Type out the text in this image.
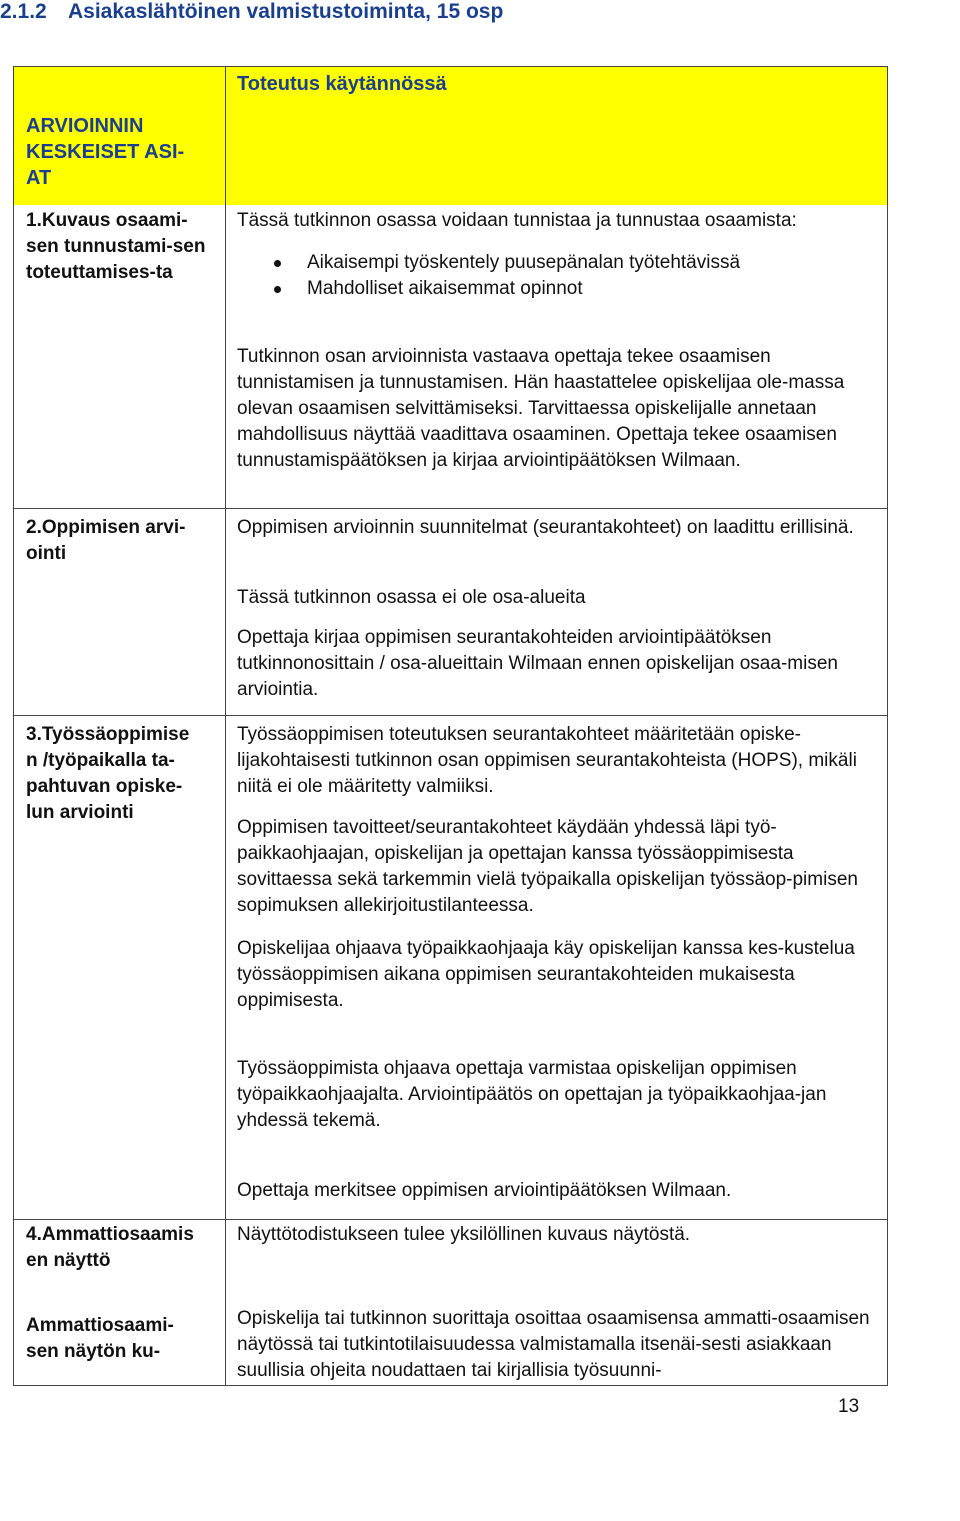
2.1.2 Asiakaslähtöinen valmistustoiminta, 15 osp
ARVIOINNIN KESKEISET ASI-AT
Toteutus käytännössä
1.Kuvaus osaami-sen tunnustami-sen toteuttamises-ta
Tässä tutkinnon osassa voidaan tunnistaa ja tunnustaa osaamista:
Aikaisempi työskentely puusepänalan työtehtävissä
Mahdolliset aikaisemmat opinnot
Tutkinnon osan arvioinnista vastaava opettaja tekee osaamisen tunnistamisen ja tunnustamisen. Hän haastattelee opiskelijaa ole-massa olevan osaamisen selvittämiseksi. Tarvittaessa opiskelijalle annetaan mahdollisuus näyttää vaadittava osaaminen. Opettaja tekee osaamisen tunnustamispäätöksen ja kirjaa arviointipäätöksen Wilmaan.
2.Oppimisen arvi-ointi
Oppimisen arvioinnin suunnitelmat (seurantakohteet) on laadittu erillisinä.
Tässä tutkinnon osassa ei ole osa-alueita
Opettaja kirjaa oppimisen seurantakohteiden arviointipäätöksen tutkinnonosittain / osa-alueittain Wilmaan ennen opiskelijan osaa-misen arviointia.
3.Työssäoppimise n /työpaikalla ta-pahtuvan opiske-lun arviointi
Työssäoppimisen toteutuksen seurantakohteet määritetään opiske-lijakohtaisesti tutkinnon osan oppimisen seurantakohteista (HOPS), mikäli niitä ei ole määritetty valmiiksi.
Oppimisen tavoitteet/seurantakohteet käydään yhdessä läpi työ-paikkaohjaajan, opiskelijan ja opettajan kanssa työssäoppimisesta sovittaessa sekä tarkemmin vielä työpaikalla opiskelijan työssäop-pimisen sopimuksen allekirjoitustilanteessa.
Opiskelijaa ohjaava työpaikkaohjaaja käy opiskelijan kanssa kes-kustelua työssäoppimisen aikana oppimisen seurantakohteiden mukaisesta oppimisesta.
Työssäoppimista ohjaava opettaja varmistaa opiskelijan oppimisen työpaikkaohjaajalta. Arviointipäätös on opettajan ja työpaikkaohjaa-jan yhdessä tekemä.
Opettaja merkitsee oppimisen arviointipäätöksen Wilmaan.
4.Ammattiosaamis en näyttö
Näyttötodistukseen tulee yksilöllinen kuvaus näytöstä.
Ammattiosaami-sen näytön ku-
Opiskelija tai tutkinnon suorittaja osoittaa osaamisensa ammatti-osaamisen näytössä tai tutkintotilaisuudessa valmistamalla itsenäi-sesti asiakkaan suullisia ohjeita noudattaen tai kirjallisia työsuunni-
13
